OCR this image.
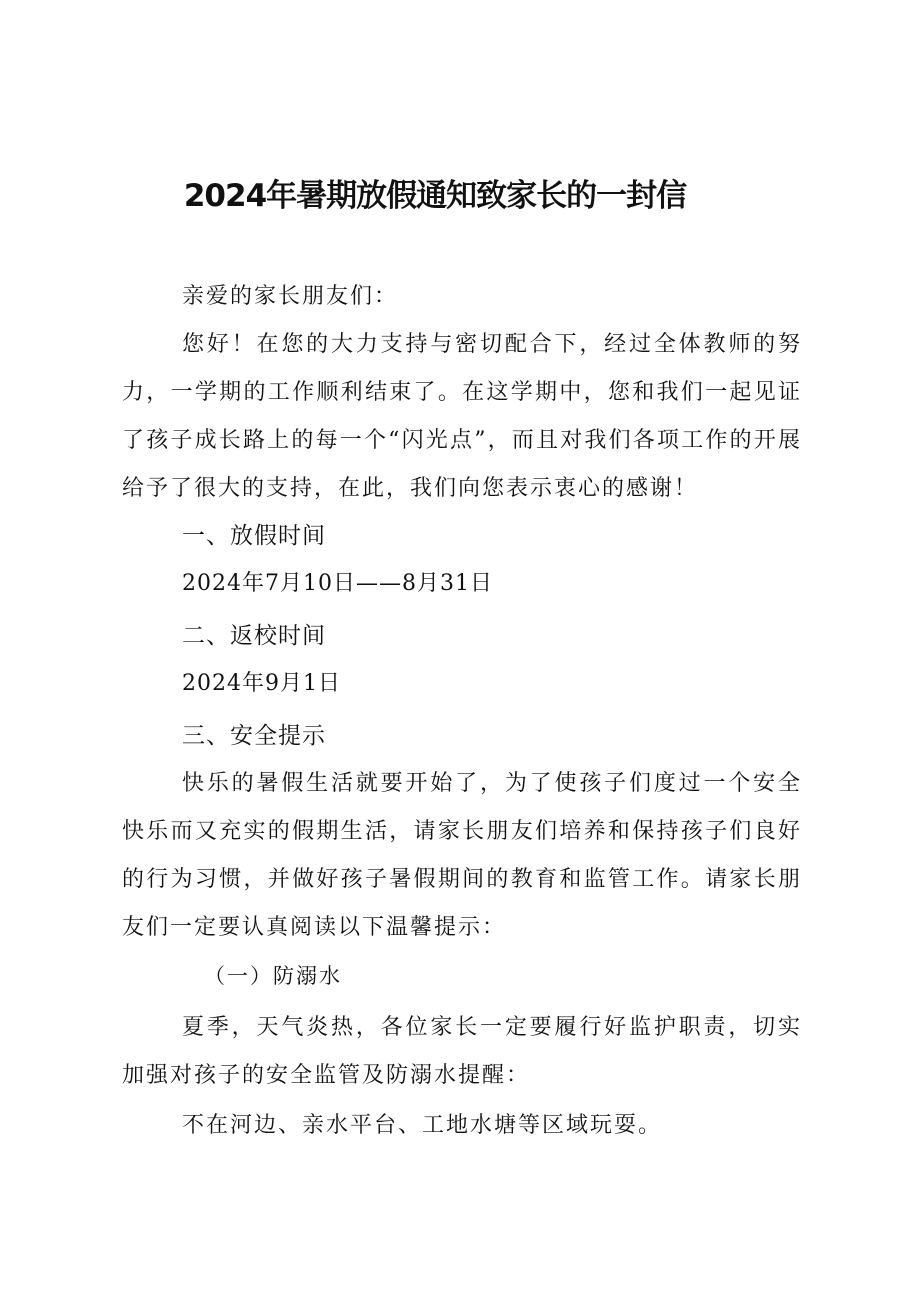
2024年暑期放假通知致家长的一封信
亲爱的家长朋友们：
您好！在您的大力支持与密切配合下，经过全体教师的努力，一学期的工作顺利结束了。在这学期中，您和我们一起见证了孩子成长路上的每一个“闪光点”，而且对我们各项工作的开展给予了很大的支持，在此，我们向您表示衷心的感谢！
一、放假时间
2024年7月10日——8月31日
二、返校时间
2024年9月1日
三、安全提示
快乐的暑假生活就要开始了，为了使孩子们度过一个安全快乐而又充实的假期生活，请家长朋友们培养和保持孩子们良好的行为习惯，并做好孩子暑假期间的教育和监管工作。请家长朋友们一定要认真阅读以下温馨提示：
（一）防溺水
夏季，天气炎热，各位家长一定要履行好监护职责，切实加强对孩子的安全监管及防溺水提醒：
不在河边、亲水平台、工地水塘等区域玩耍。
